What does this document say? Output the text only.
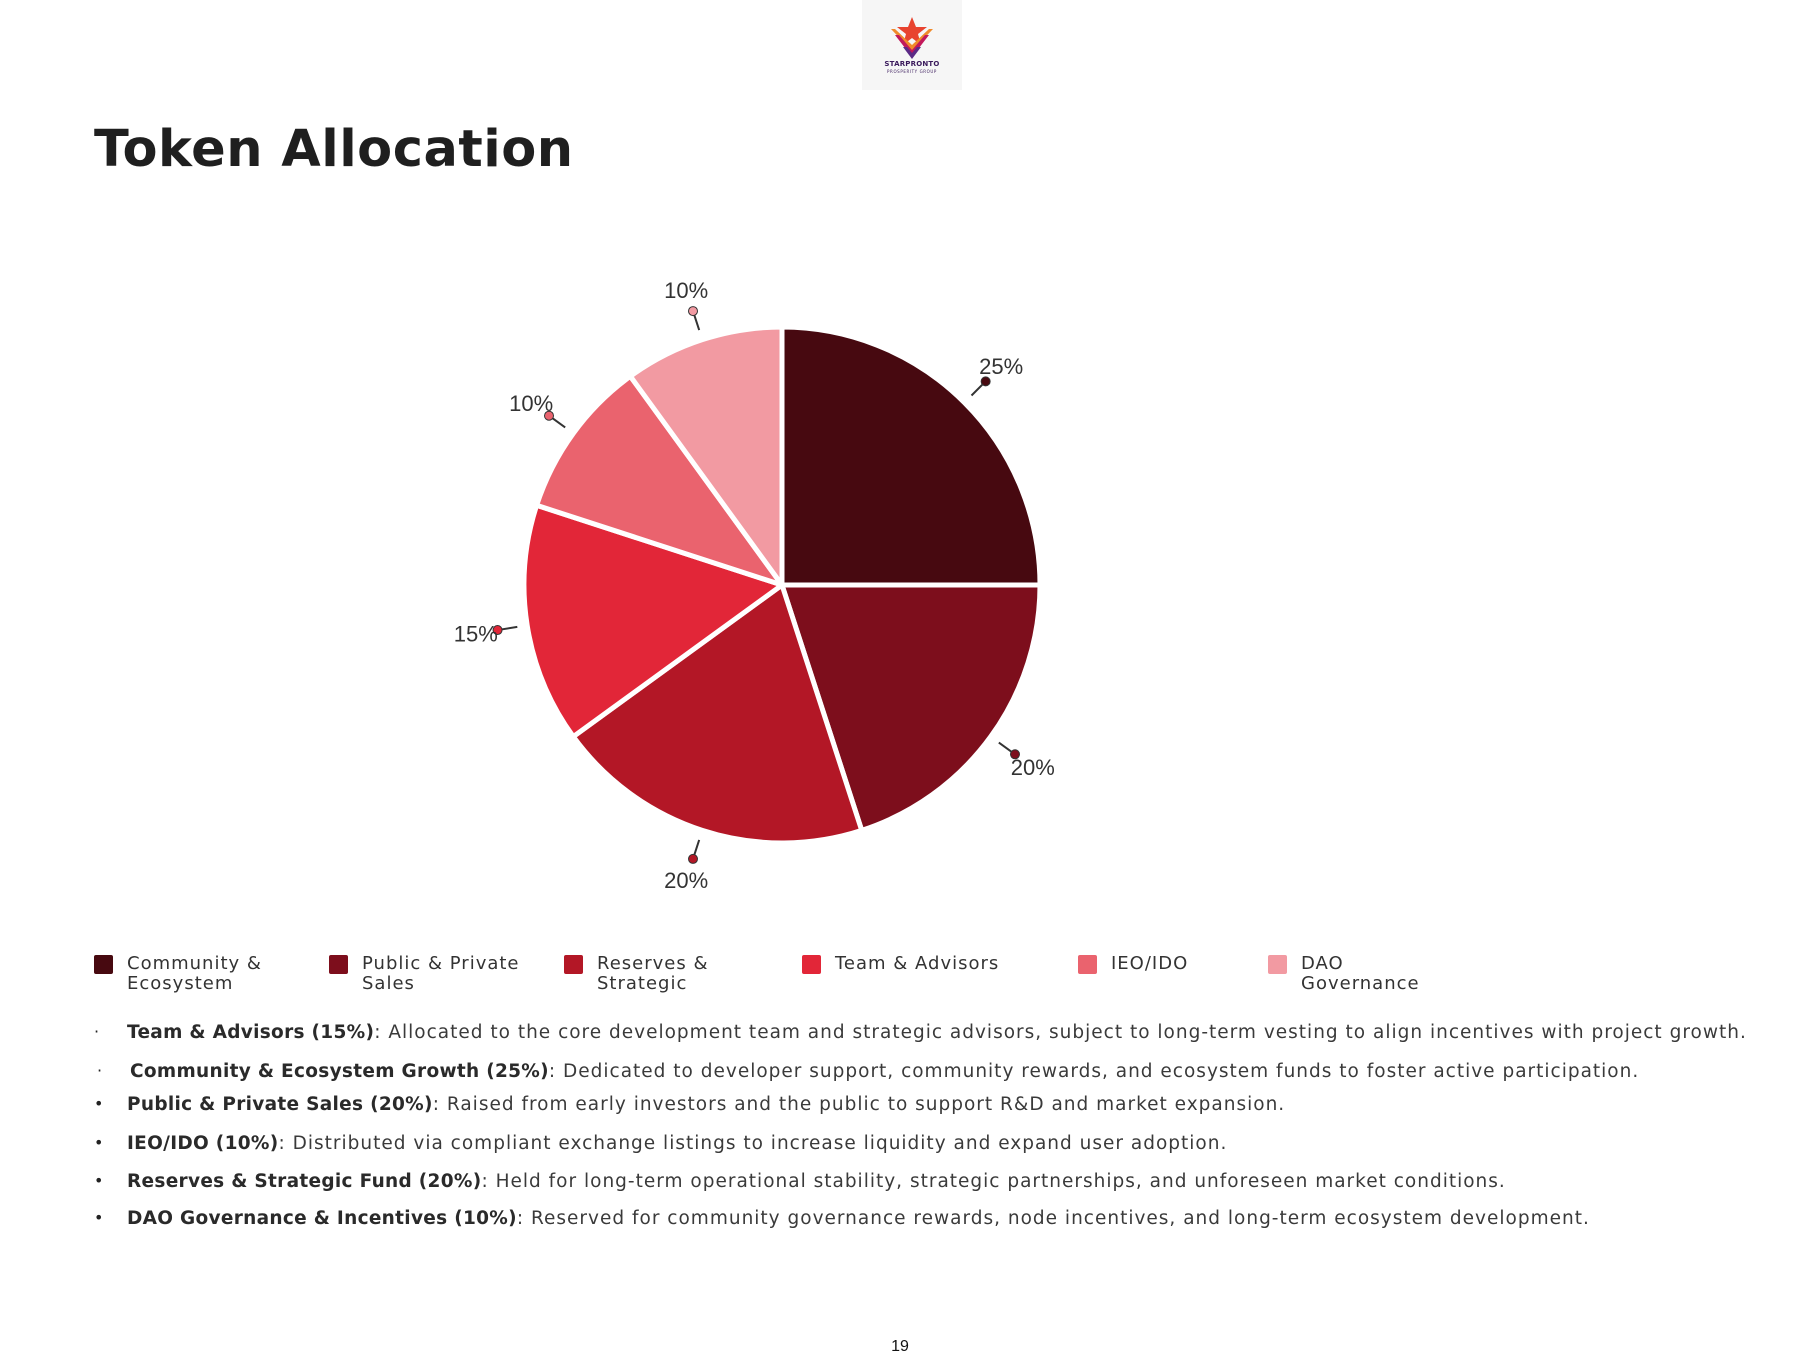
STARPRONTO
PROSPERITY GROUP
Token Allocation
25%
20%
20%
15%
10%
10%
Community &
Ecosystem
Public & Private
Sales
Reserves &
Strategic
Team & Advisors	IEO/IDO	DAO
Governance
· Team & Advisors (15%): Allocated to the core development team and strategic advisors, subject to long-term vesting to align incentives with project growth.
· Community & Ecosystem Growth (25%): Dedicated to developer support, community rewards, and ecosystem funds to foster active participation.
• Public & Private Sales (20%): Raised from early investors and the public to support R&D and market expansion.
• IEO/IDO (10%): Distributed via compliant exchange listings to increase liquidity and expand user adoption.
• Reserves & Strategic Fund (20%): Held for long-term operational stability, strategic partnerships, and unforeseen market conditions.
• DAO Governance & Incentives (10%): Reserved for community governance rewards, node incentives, and long-term ecosystem development.
19
